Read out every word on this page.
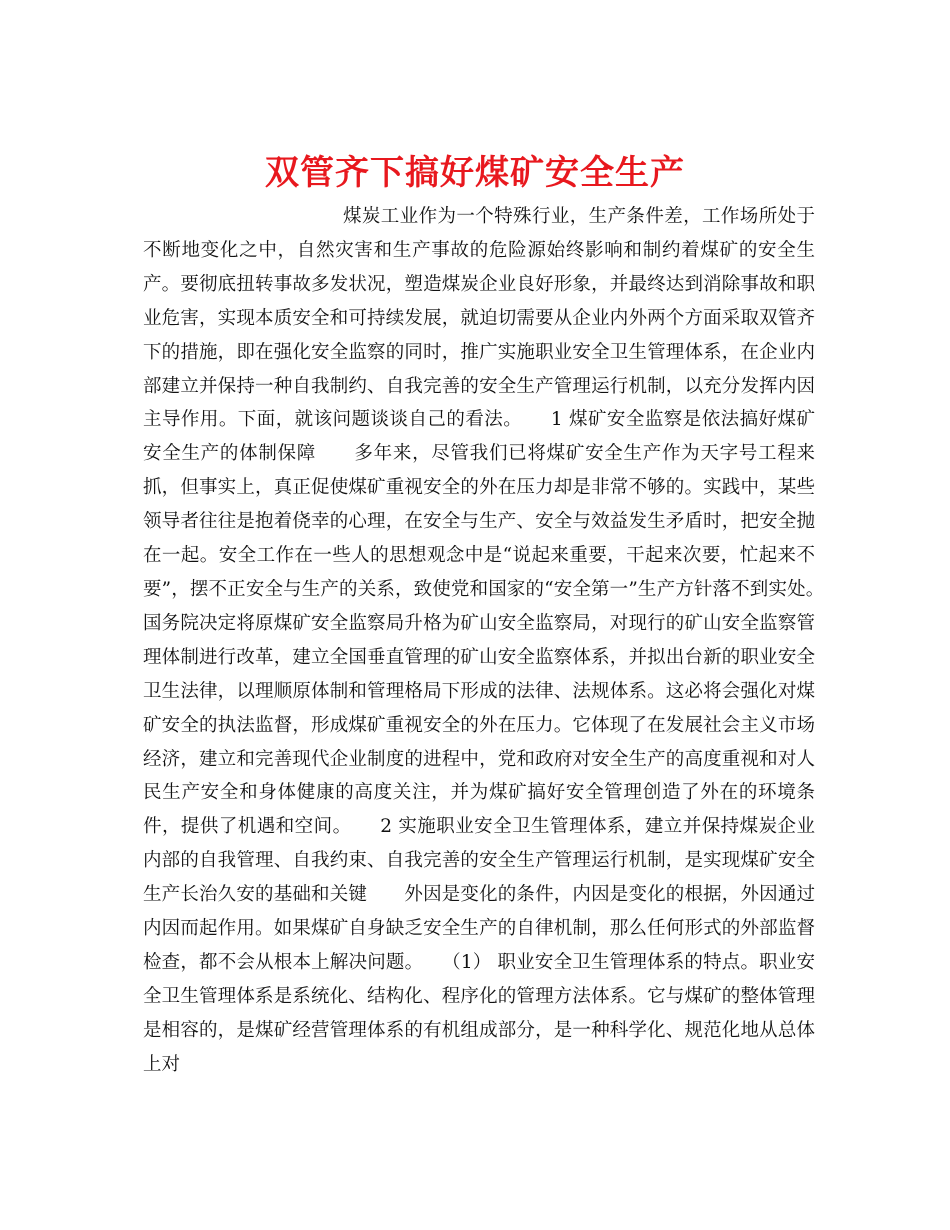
双管齐下搞好煤矿安全生产
煤炭工业作为一个特殊行业，生产条件差，工作场所处于不断地变化之中，自然灾害和生产事故的危险源始终影响和制约着煤矿的安全生产。要彻底扭转事故多发状况，塑造煤炭企业良好形象，并最终达到消除事故和职业危害，实现本质安全和可持续发展，就迫切需要从企业内外两个方面采取双管齐下的措施，即在强化安全监察的同时，推广实施职业安全卫生管理体系，在企业内部建立并保持一种自我制约、自我完善的安全生产管理运行机制，以充分发挥内因主导作用。下面，就该问题谈谈自己的看法。　　1 煤矿安全监察是依法搞好煤矿安全生产的体制保障　　多年来，尽管我们已将煤矿安全生产作为天字号工程来抓，但事实上，真正促使煤矿重视安全的外在压力却是非常不够的。实践中，某些领导者往往是抱着侥幸的心理，在安全与生产、安全与效益发生矛盾时，把安全抛在一起。安全工作在一些人的思想观念中是“说起来重要，干起来次要，忙起来不要”，摆不正安全与生产的关系，致使党和国家的“安全第一”生产方针落不到实处。　国务院决定将原煤矿安全监察局升格为矿山安全监察局，对现行的矿山安全监察管理体制进行改革，建立全国垂直管理的矿山安全监察体系，并拟出台新的职业安全卫生法律，以理顺原体制和管理格局下形成的法律、法规体系。这必将会强化对煤矿安全的执法监督，形成煤矿重视安全的外在压力。它体现了在发展社会主义市场经济，建立和完善现代企业制度的进程中，党和政府对安全生产的高度重视和对人民生产安全和身体健康的高度关注，并为煤矿搞好安全管理创造了外在的环境条件，提供了机遇和空间。　　2 实施职业安全卫生管理体系，建立并保持煤炭企业内部的自我管理、自我约束、自我完善的安全生产管理运行机制，是实现煤矿安全生产长治久安的基础和关键　　外因是变化的条件，内因是变化的根据，外因通过内因而起作用。如果煤矿自身缺乏安全生产的自律机制，那么任何形式的外部监督检查，都不会从根本上解决问题。　　（1） 职业安全卫生管理体系的特点。职业安全卫生管理体系是系统化、结构化、程序化的管理方法体系。它与煤矿的整体管理是相容的，是煤矿经营管理体系的有机组成部分，是一种科学化、规范化地从总体上对
